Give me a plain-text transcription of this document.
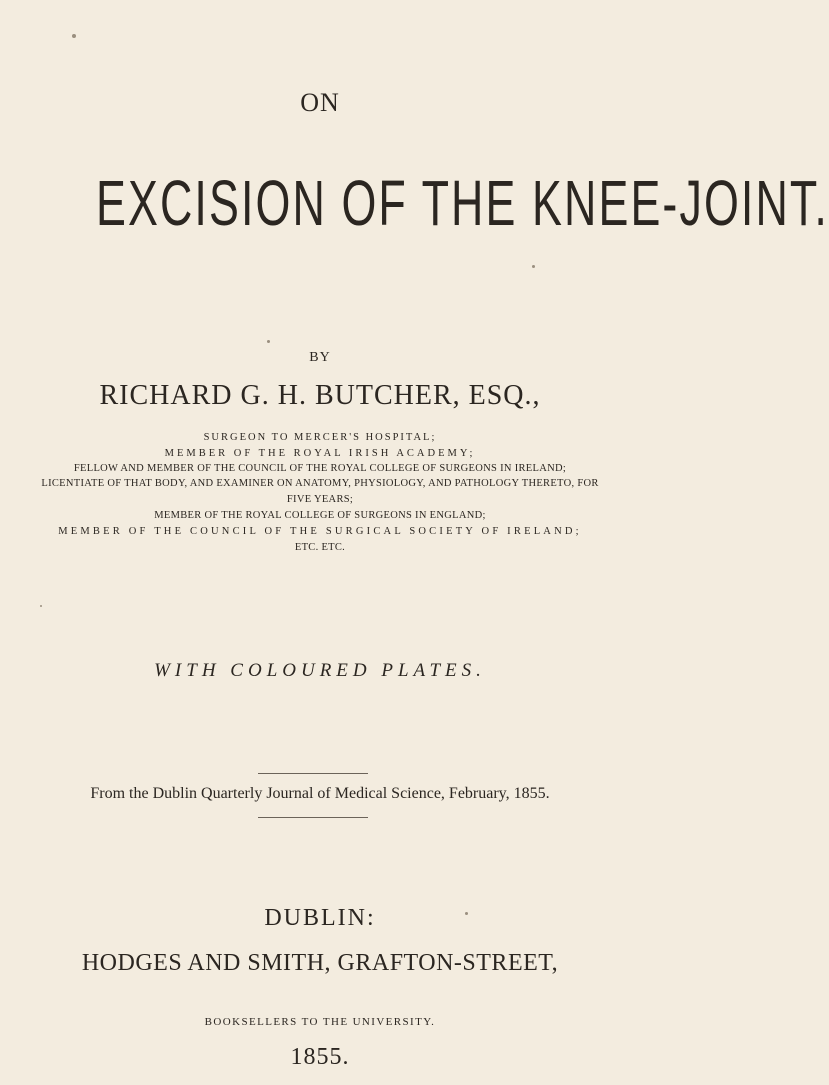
ON
EXCISION OF THE KNEE-JOINT.
BY
RICHARD G. H. BUTCHER, ESQ.,
SURGEON TO MERCER'S HOSPITAL;
MEMBER OF THE ROYAL IRISH ACADEMY;
FELLOW AND MEMBER OF THE COUNCIL OF THE ROYAL COLLEGE OF SURGEONS IN IRELAND;
LICENTIATE OF THAT BODY, AND EXAMINER ON ANATOMY, PHYSIOLOGY, AND PATHOLOGY THERETO, FOR
FIVE YEARS;
MEMBER OF THE ROYAL COLLEGE OF SURGEONS IN ENGLAND;
MEMBER OF THE COUNCIL OF THE SURGICAL SOCIETY OF IRELAND;
ETC. ETC.
WITH COLOURED PLATES.
From the Dublin Quarterly Journal of Medical Science, February, 1855.
DUBLIN:
HODGES AND SMITH, GRAFTON-STREET,
BOOKSELLERS TO THE UNIVERSITY.
1855.
